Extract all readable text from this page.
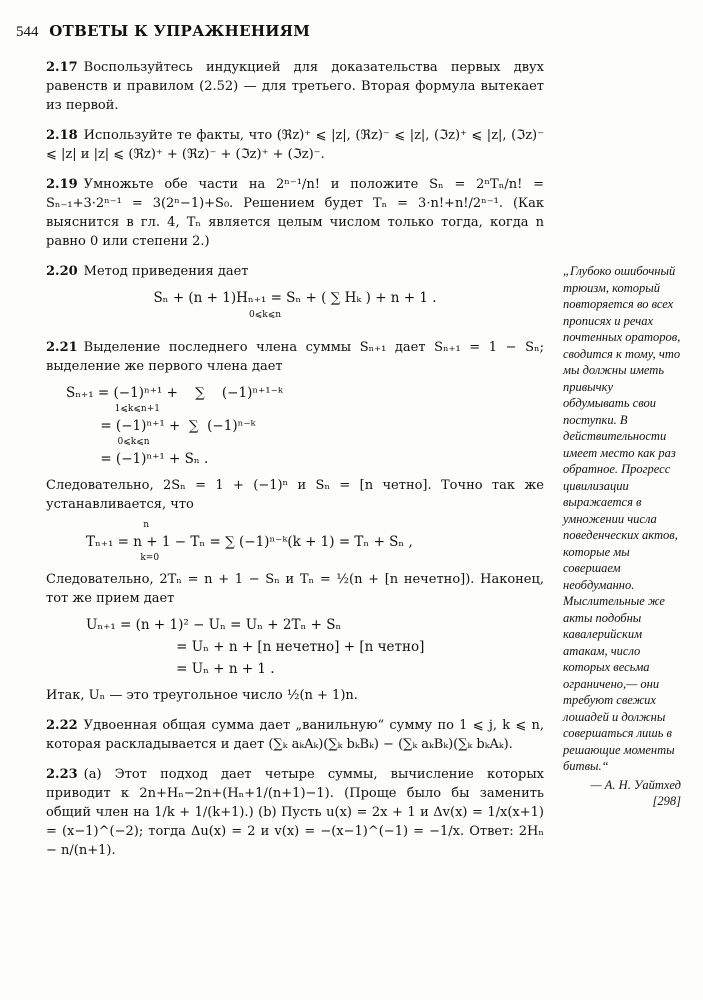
544 ОТВЕТЫ К УПРАЖНЕНИЯМ

2.17 Воспользуйтесь индукцией для доказательства первых двух равенств и правилом (2.52) — для третьего. Вторая формула вытекает из первой.

2.18 Используйте те факты, что (ℜz)⁺ ⩽ |z|, (ℜz)⁻ ⩽ |z|, (ℑz)⁺ ⩽ |z|, (ℑz)⁻ ⩽ |z| и |z| ⩽ (ℜz)⁺ + (ℜz)⁻ + (ℑz)⁺ + (ℑz)⁻.

2.19 Умножьте обе части на 2ⁿ⁻¹/n! и положите Sₙ = 2ⁿTₙ/n! = Sₙ₋₁+3·2ⁿ⁻¹ = 3(2ⁿ−1)+S₀. Решением будет Tₙ = 3·n!+n!/2ⁿ⁻¹. (Как выяснится в гл. 4, Tₙ является целым числом только тогда, когда n равно 0 или степени 2.)

2.20 Метод приведения дает

Sₙ + (n + 1)Hₙ₊₁ = Sₙ + ( ∑ Hₖ ) + n + 1 .

0⩽k⩽n

2.21 Выделение последнего члена суммы Sₙ₊₁ дает Sₙ₊₁ = 1 − Sₙ; выделение же первого члена дает

Sₙ₊₁ = (−1)ⁿ⁺¹ +    ∑    (−1)ⁿ⁺¹⁻ᵏ

1⩽k⩽n+1

= (−1)ⁿ⁺¹ +  ∑  (−1)ⁿ⁻ᵏ

0⩽k⩽n

= (−1)ⁿ⁺¹ + Sₙ .

Следовательно, 2Sₙ = 1 + (−1)ⁿ и Sₙ = [n четно]. Точно так же устанавливается, что

n

Tₙ₊₁ = n + 1 − Tₙ = ∑ (−1)ⁿ⁻ᵏ(k + 1) = Tₙ + Sₙ ,

k=0

Следовательно, 2Tₙ = n + 1 − Sₙ и Tₙ = ½(n + [n нечетно]). Наконец, тот же прием дает

Uₙ₊₁ = (n + 1)² − Uₙ = Uₙ + 2Tₙ + Sₙ

= Uₙ + n + [n нечетно] + [n четно]

= Uₙ + n + 1 .

Итак, Uₙ — это треугольное число ½(n + 1)n.

2.22 Удвоенная общая сумма дает „ванильную“ сумму по 1 ⩽ j, k ⩽ n, которая раскладывается и дает (∑ₖ aₖAₖ)(∑ₖ bₖBₖ) − (∑ₖ aₖBₖ)(∑ₖ bₖAₖ).

2.23 (a) Этот подход дает четыре суммы, вычисление которых приводит к 2n+Hₙ−2n+(Hₙ+1/(n+1)−1). (Проще было бы заменить общий член на 1/k + 1/(k+1).) (b) Пусть u(x) = 2x + 1 и Δv(x) = 1/x(x+1) = (x−1)^(−2); тогда Δu(x) = 2 и v(x) = −(x−1)^(−1) = −1/x. Ответ: 2Hₙ − n/(n+1).

„Глубоко ошибочный трюизм, который повторяется во всех прописях и речах почтенных ораторов, сводится к тому, что мы должны иметь привычку обдумывать свои поступки. В действительности имеет место как раз обратное. Прогресс цивилизации выражается в умножении числа поведенческих актов, которые мы совершаем необдуманно. Мыслительные же акты подобны кавалерийским атакам, число которых весьма ограничено,— они требуют свежих лошадей и должны совершаться лишь в решающие моменты битвы.“

— А. Н. Уайтхед

[298]
